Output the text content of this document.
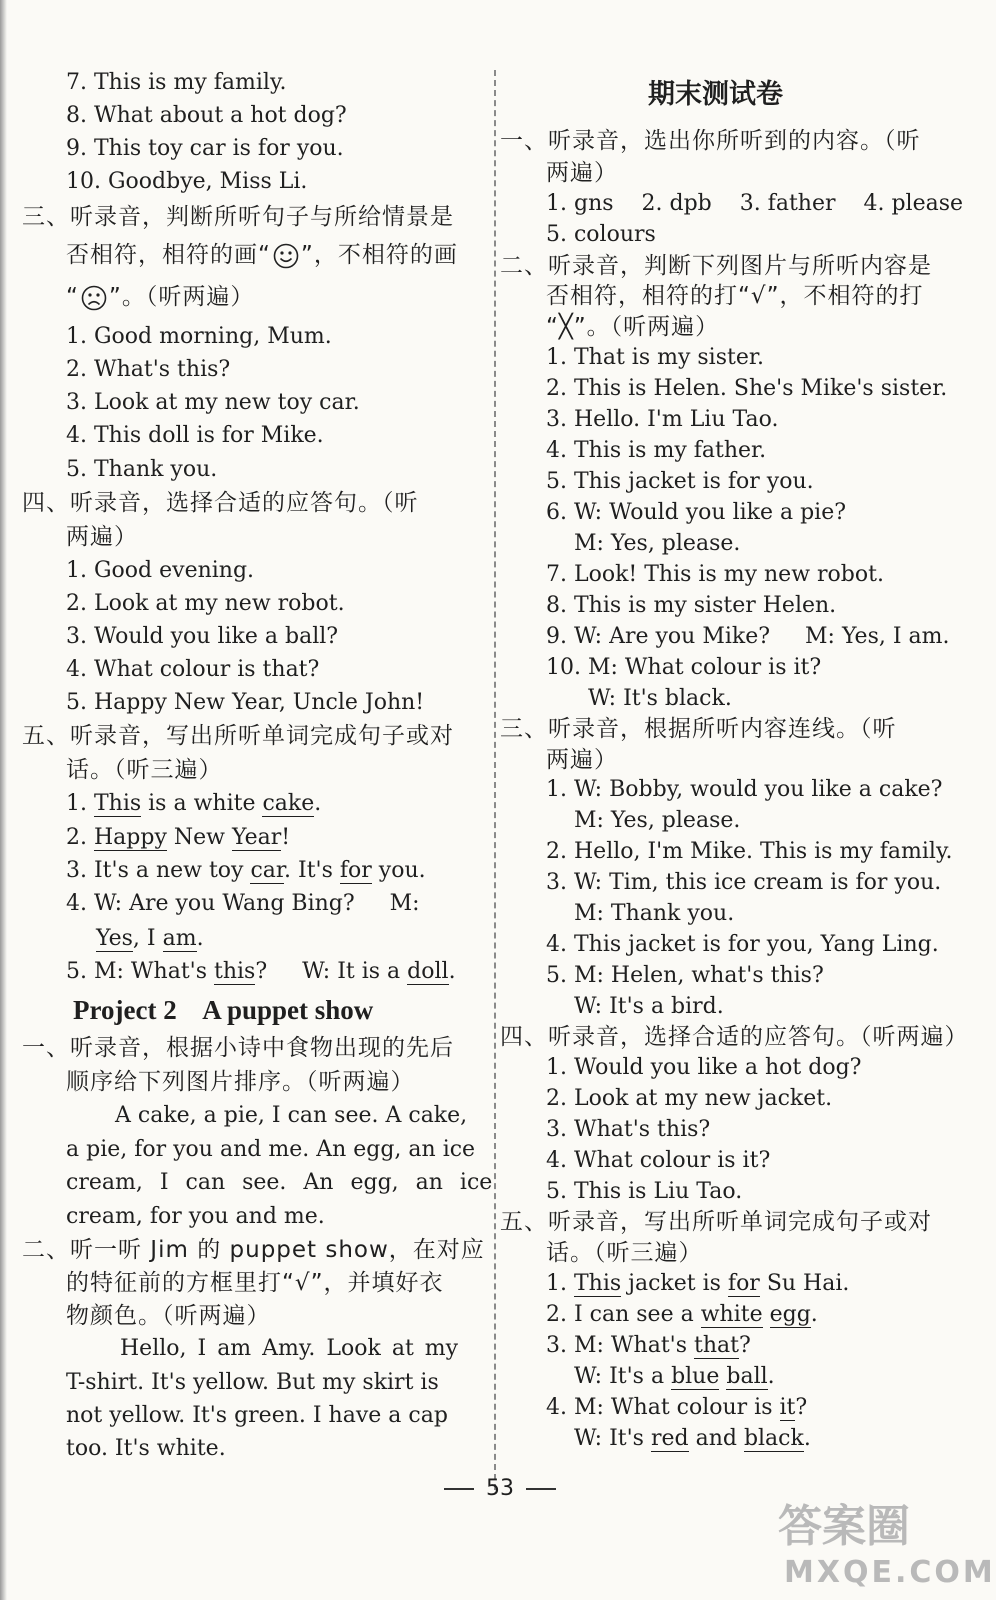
7. This is my family.
8. What about a hot dog?
9. This toy car is for you.
10. Goodbye, Miss Li.
三、听录音，判断所听句子与所给情景是
否相符，相符的画“ ”，不相符的画
“ ”。（听两遍）
1. Good morning, Mum.
2. What's this?
3. Look at my new toy car.
4. This doll is for Mike.
5. Thank you.
四、听录音，选择合适的应答句。（听
两遍）
1. Good evening.
2. Look at my new robot.
3. Would you like a ball?
4. What colour is that?
5. Happy New Year, Uncle John!
五、听录音，写出所听单词完成句子或对
话。（听三遍）
1. This is a white cake.
2. Happy New Year!
3. It's a new toy car. It's for you.
4. W: Are you Wang Bing?     M:
Yes, I am.
5. M: What's this?     W: It is a doll.
Project 2    A puppet show
一、听录音，根据小诗中食物出现的先后
顺序给下列图片排序。（听两遍）
A cake, a pie, I can see. A cake,
a pie, for you and me. An egg, an ice
cream, I can see. An egg, an ice
cream, for you and me.
二、听一听 Jim 的 puppet show，在对应
的特征前的方框里打“√”，并填好衣
物颜色。（听两遍）
Hello, I am Amy. Look at my
T-shirt. It's yellow. But my skirt is
not yellow. It's green. I have a cap
too. It's white.
期末测试卷
一、听录音，选出你所听到的内容。（听
两遍）
1. gns    2. dpb    3. father    4. please
5. colours
二、听录音，判断下列图片与所听内容是
否相符，相符的打“√”，不相符的打
“╳”。（听两遍）
1. That is my sister.
2. This is Helen. She's Mike's sister.
3. Hello. I'm Liu Tao.
4. This is my father.
5. This jacket is for you.
6. W: Would you like a pie?
M: Yes, please.
7. Look! This is my new robot.
8. This is my sister Helen.
9. W: Are you Mike?     M: Yes, I am.
10. M: What colour is it?
W: It's black.
三、听录音，根据所听内容连线。（听
两遍）
1. W: Bobby, would you like a cake?
M: Yes, please.
2. Hello, I'm Mike. This is my family.
3. W: Tim, this ice cream is for you.
M: Thank you.
4. This jacket is for you, Yang Ling.
5. M: Helen, what's this?
W: It's a bird.
四、听录音，选择合适的应答句。（听两遍）
1. Would you like a hot dog?
2. Look at my new jacket.
3. What's this?
4. What colour is it?
5. This is Liu Tao.
五、听录音，写出所听单词完成句子或对
话。（听三遍）
1. This jacket is for Su Hai.
2. I can see a white egg.
3. M: What's that?
W: It's a blue ball.
4. M: What colour is it?
W: It's red and black.
53
答案圈
MXQE.COM
